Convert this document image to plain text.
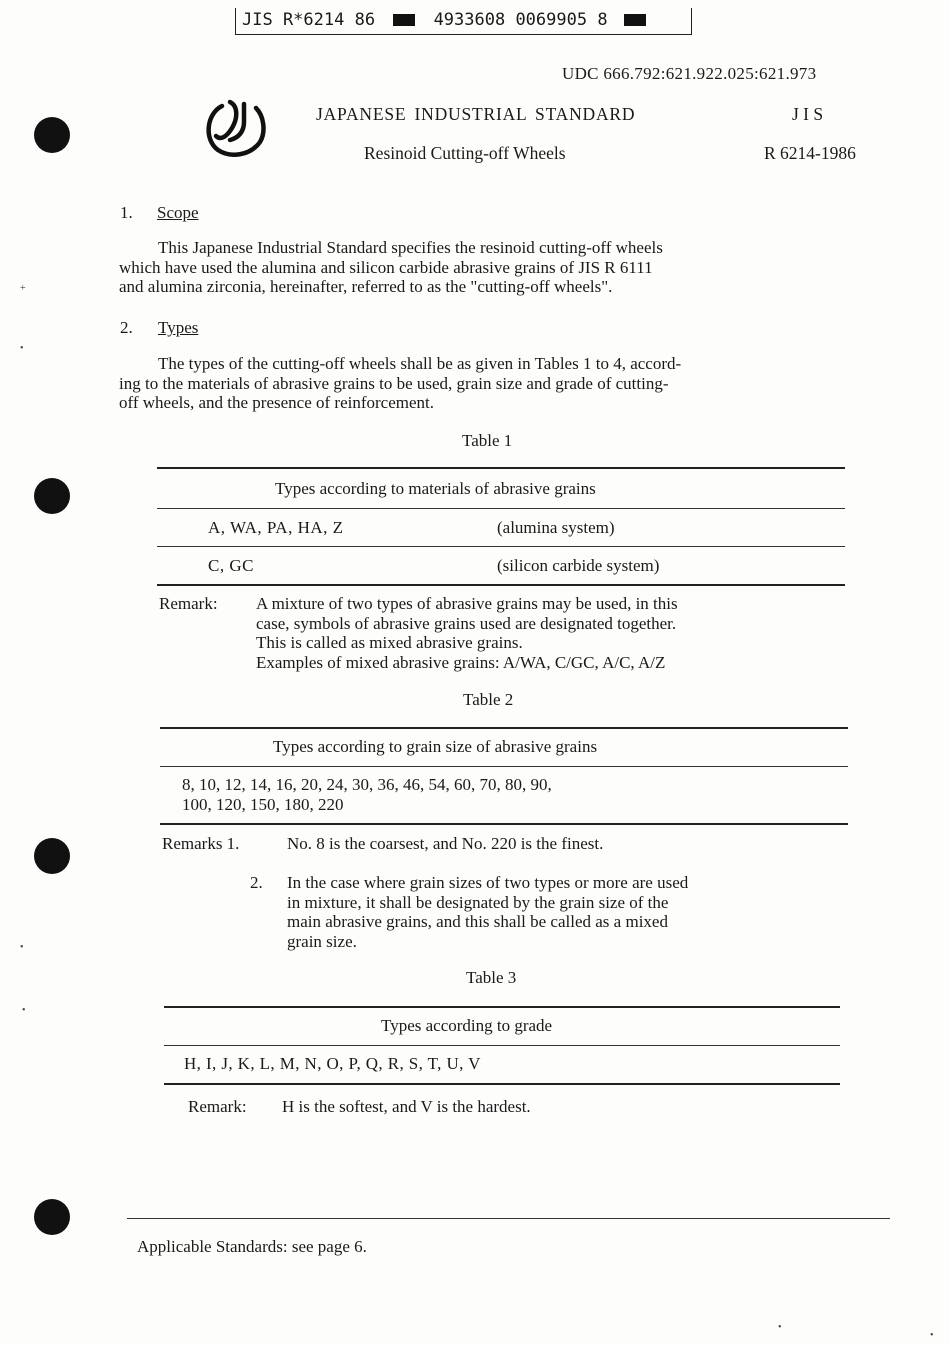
JIS R*6214 86	4933608 0069905 8
UDC 666.792:621.922.025:621.973
JAPANESE INDUSTRIAL STANDARD	J I S
Resinoid Cutting-off Wheels	R 6214-1986
1. Scope
This Japanese Industrial Standard specifies the resinoid cutting-off wheels
which have used the alumina and silicon carbide abrasive grains of JIS R 6111
and alumina zirconia, hereinafter, referred to as the "cutting-off wheels".
2. Types
The types of the cutting-off wheels shall be as given in Tables 1 to 4, accord-
ing to the materials of abrasive grains to be used, grain size and grade of cutting-
off wheels, and the presence of reinforcement.
Table 1
Types according to materials of abrasive grains
A, WA, PA, HA, Z	(alumina system)
C, GC	(silicon carbide system)
Remark: A mixture of two types of abrasive grains may be used, in this
case, symbols of abrasive grains used are designated together.
This is called as mixed abrasive grains.
Examples of mixed abrasive grains: A/WA, C/GC, A/C, A/Z
Table 2
Types according to grain size of abrasive grains
8, 10, 12, 14, 16, 20, 24, 30, 36, 46, 54, 60, 70, 80, 90,
100, 120, 150, 180, 220
Remarks 1.	No. 8 is the coarsest, and No. 220 is the finest.
2. In the case where grain sizes of two types or more are used
in mixture, it shall be designated by the grain size of the
main abrasive grains, and this shall be called as a mixed
grain size.
Table 3
Types according to grade
H, I, J, K, L, M, N, O, P, Q, R, S, T, U, V
Remark: H is the softest, and V is the hardest.
Applicable Standards: see page 6.
+
•
•
•
•
•
